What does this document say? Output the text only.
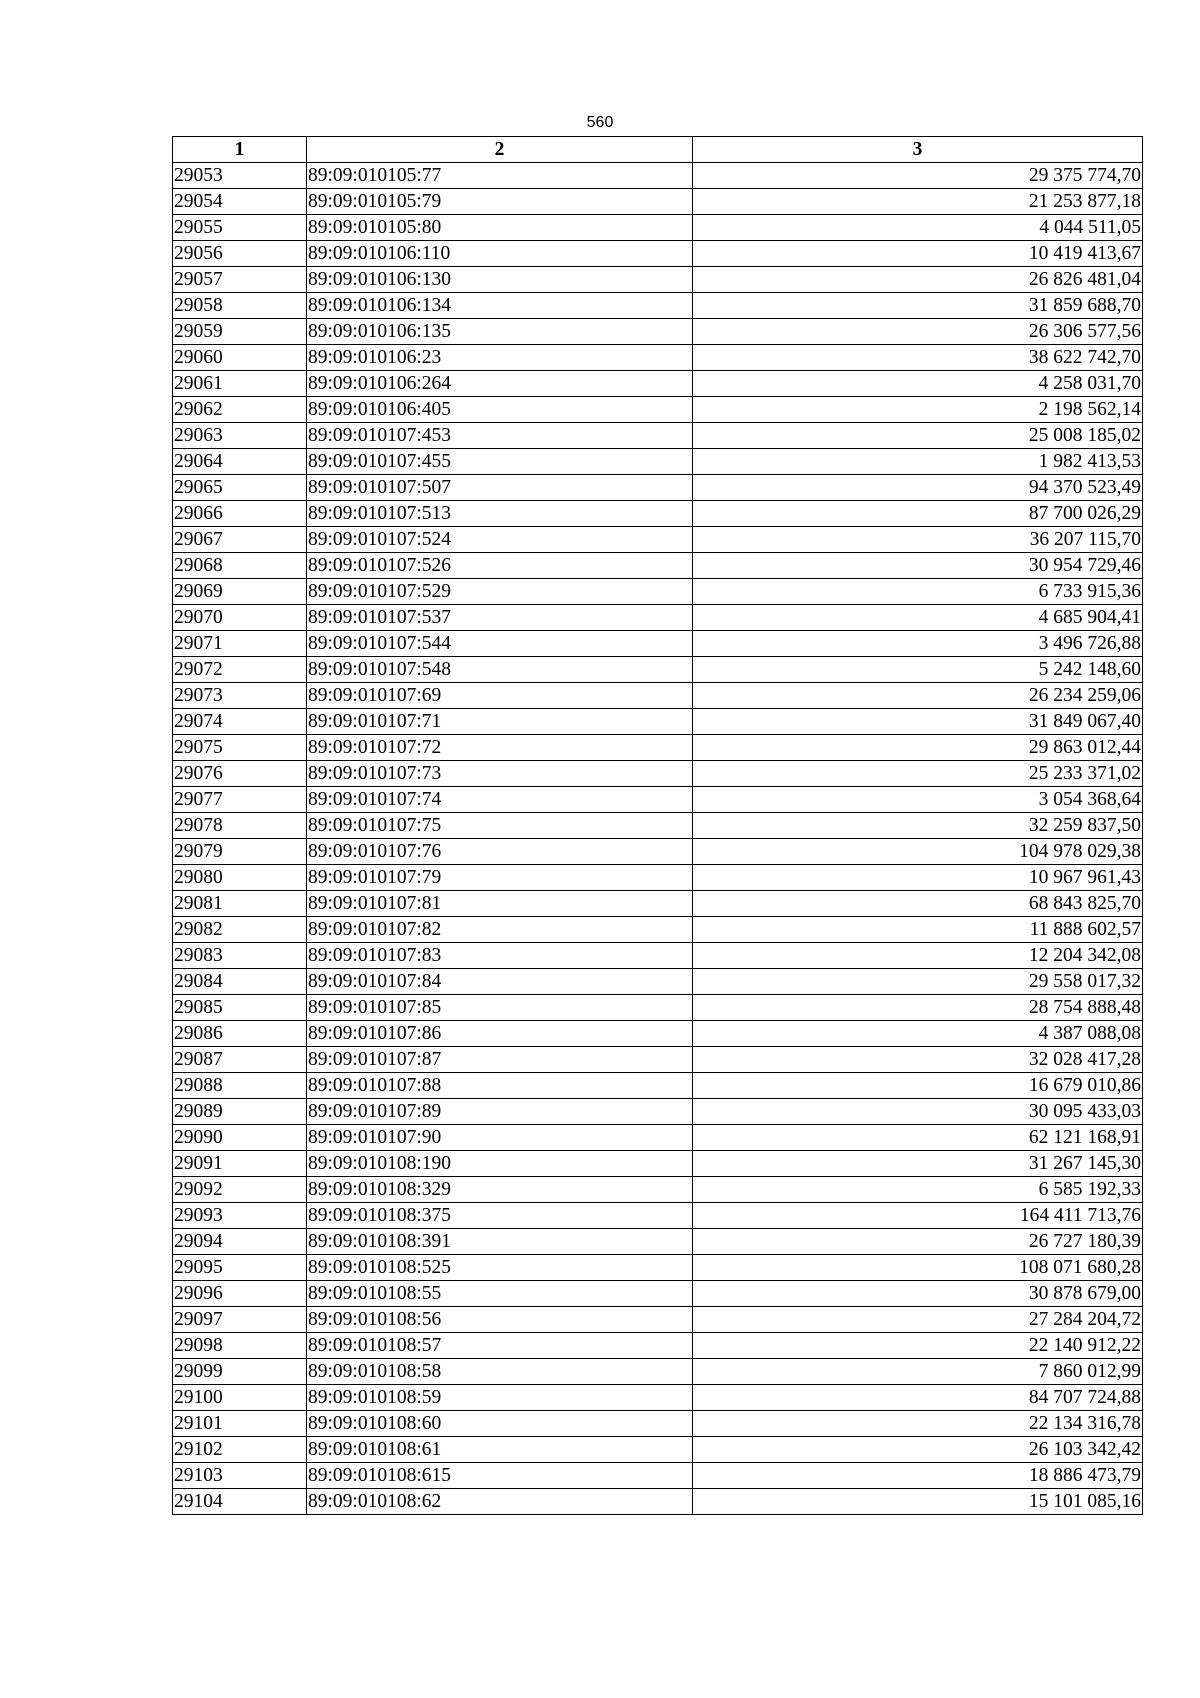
560
1	2	3
29053	89:09:010105:77	29 375 774,70
29054	89:09:010105:79	21 253 877,18
29055	89:09:010105:80	4 044 511,05
29056	89:09:010106:110	10 419 413,67
29057	89:09:010106:130	26 826 481,04
29058	89:09:010106:134	31 859 688,70
29059	89:09:010106:135	26 306 577,56
29060	89:09:010106:23	38 622 742,70
29061	89:09:010106:264	4 258 031,70
29062	89:09:010106:405	2 198 562,14
29063	89:09:010107:453	25 008 185,02
29064	89:09:010107:455	1 982 413,53
29065	89:09:010107:507	94 370 523,49
29066	89:09:010107:513	87 700 026,29
29067	89:09:010107:524	36 207 115,70
29068	89:09:010107:526	30 954 729,46
29069	89:09:010107:529	6 733 915,36
29070	89:09:010107:537	4 685 904,41
29071	89:09:010107:544	3 496 726,88
29072	89:09:010107:548	5 242 148,60
29073	89:09:010107:69	26 234 259,06
29074	89:09:010107:71	31 849 067,40
29075	89:09:010107:72	29 863 012,44
29076	89:09:010107:73	25 233 371,02
29077	89:09:010107:74	3 054 368,64
29078	89:09:010107:75	32 259 837,50
29079	89:09:010107:76	104 978 029,38
29080	89:09:010107:79	10 967 961,43
29081	89:09:010107:81	68 843 825,70
29082	89:09:010107:82	11 888 602,57
29083	89:09:010107:83	12 204 342,08
29084	89:09:010107:84	29 558 017,32
29085	89:09:010107:85	28 754 888,48
29086	89:09:010107:86	4 387 088,08
29087	89:09:010107:87	32 028 417,28
29088	89:09:010107:88	16 679 010,86
29089	89:09:010107:89	30 095 433,03
29090	89:09:010107:90	62 121 168,91
29091	89:09:010108:190	31 267 145,30
29092	89:09:010108:329	6 585 192,33
29093	89:09:010108:375	164 411 713,76
29094	89:09:010108:391	26 727 180,39
29095	89:09:010108:525	108 071 680,28
29096	89:09:010108:55	30 878 679,00
29097	89:09:010108:56	27 284 204,72
29098	89:09:010108:57	22 140 912,22
29099	89:09:010108:58	7 860 012,99
29100	89:09:010108:59	84 707 724,88
29101	89:09:010108:60	22 134 316,78
29102	89:09:010108:61	26 103 342,42
29103	89:09:010108:615	18 886 473,79
29104	89:09:010108:62	15 101 085,16
